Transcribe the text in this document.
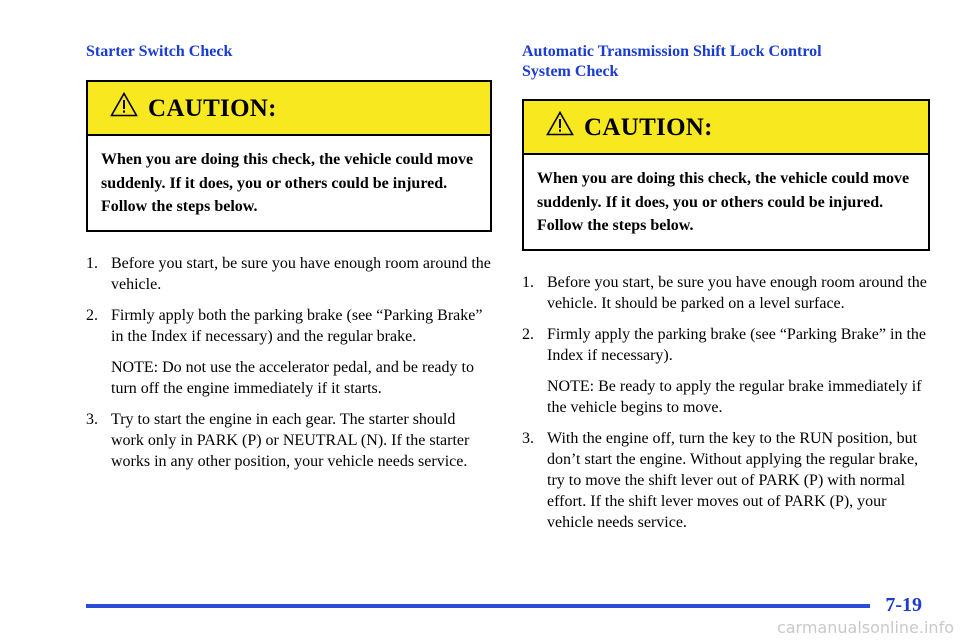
Starter Switch Check
CAUTION:
When you are doing this check, the vehicle could move suddenly. If it does, you or others could be injured. Follow the steps below.
1. Before you start, be sure you have enough room around the vehicle.
2. Firmly apply both the parking brake (see “Parking Brake” in the Index if necessary) and the regular brake.
NOTE: Do not use the accelerator pedal, and be ready to turn off the engine immediately if it starts.
3. Try to start the engine in each gear. The starter should work only in PARK (P) or NEUTRAL (N). If the starter works in any other position, your vehicle needs service.
Automatic Transmission Shift Lock Control System Check
CAUTION:
When you are doing this check, the vehicle could move suddenly. If it does, you or others could be injured. Follow the steps below.
1. Before you start, be sure you have enough room around the vehicle. It should be parked on a level surface.
2. Firmly apply the parking brake (see “Parking Brake” in the Index if necessary).
NOTE: Be ready to apply the regular brake immediately if the vehicle begins to move.
3. With the engine off, turn the key to the RUN position, but don’t start the engine. Without applying the regular brake, try to move the shift lever out of PARK (P) with normal effort. If the shift lever moves out of PARK (P), your vehicle needs service.
7-19
carmanualsonline.info
